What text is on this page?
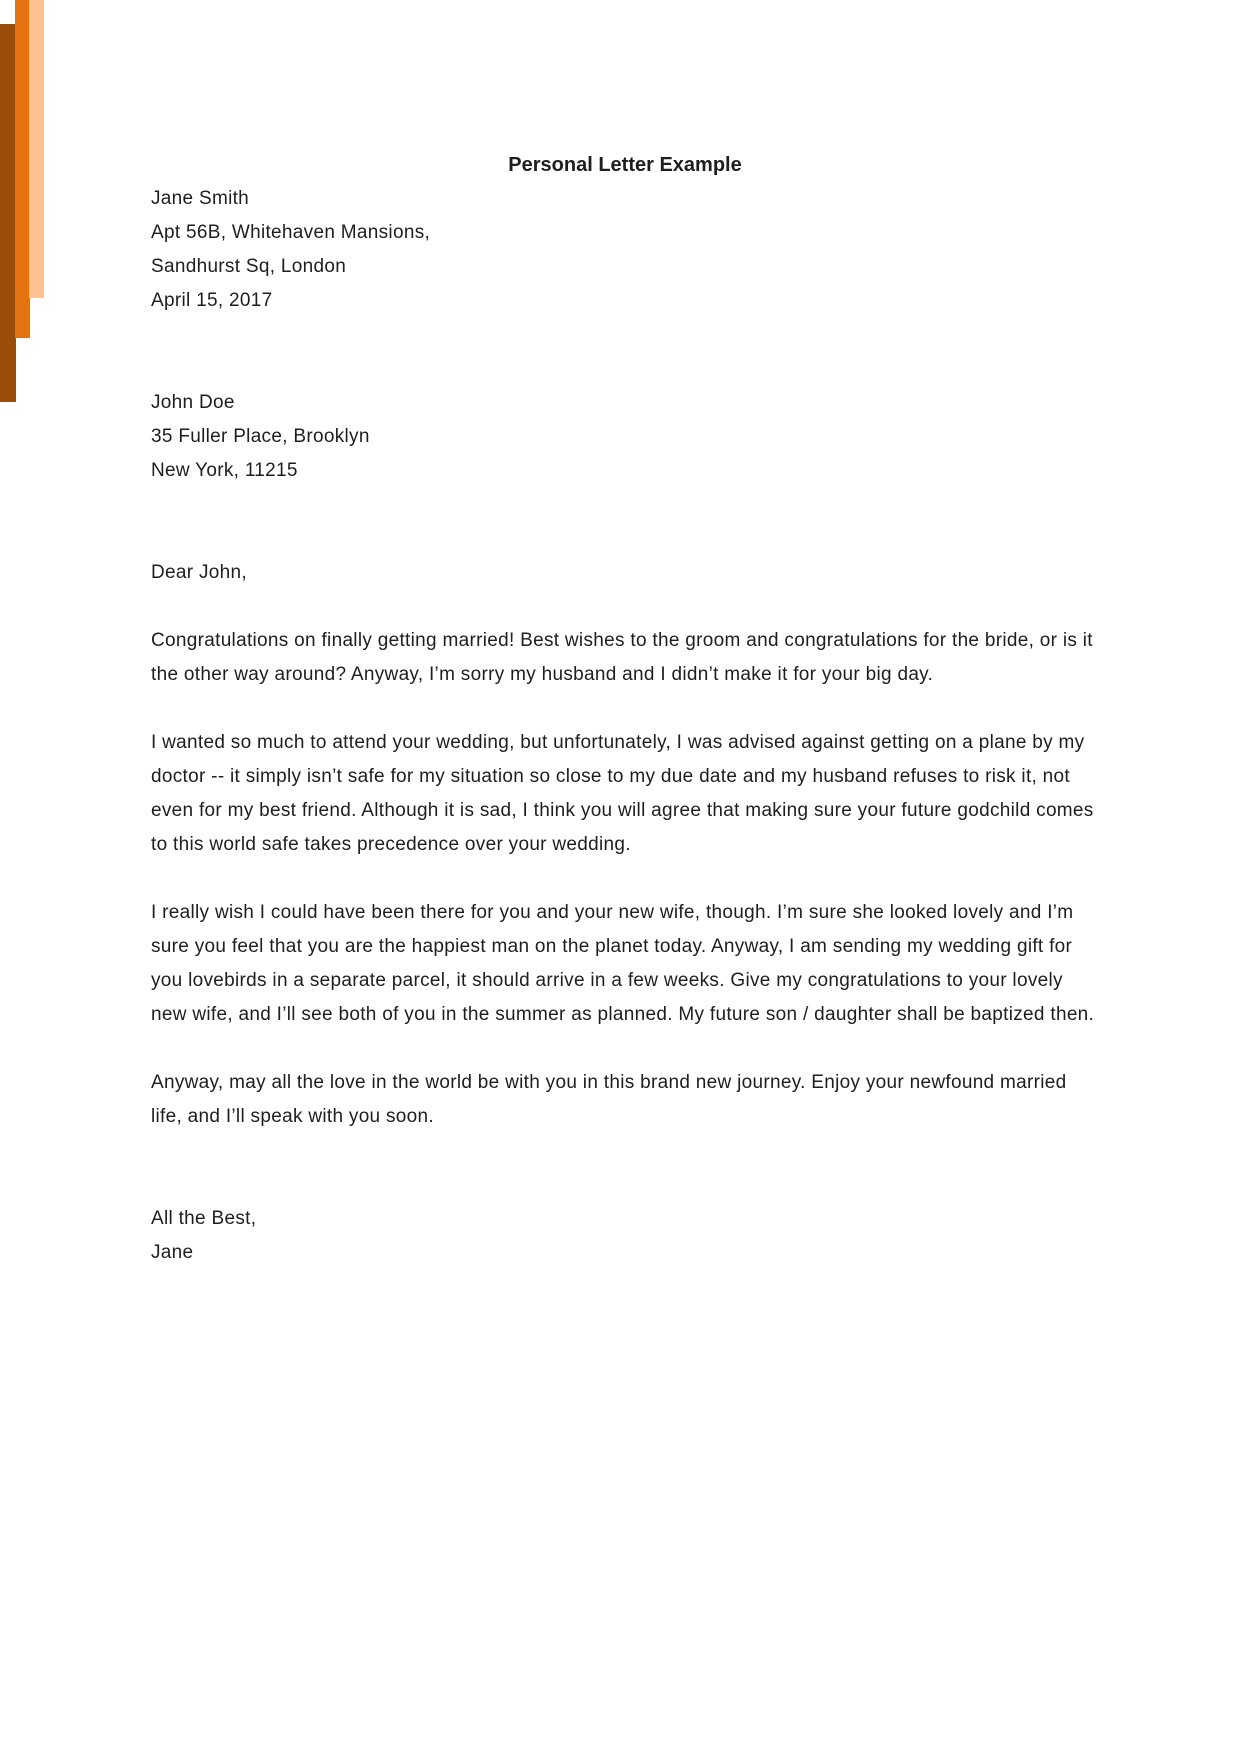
Personal Letter Example
Jane Smith
Apt 56B, Whitehaven Mansions,
Sandhurst Sq, London
April 15, 2017
John Doe
35 Fuller Place, Brooklyn
New York, 11215

Dear John,

Congratulations on finally getting married! Best wishes to the groom and congratulations for the bride, or is it the other way around? Anyway, I’m sorry my husband and I didn’t make it for your big day.

I wanted so much to attend your wedding, but unfortunately, I was advised against getting on a plane by my doctor -- it simply isn’t safe for my situation so close to my due date and my husband refuses to risk it, not even for my best friend. Although it is sad, I think you will agree that making sure your future godchild comes to this world safe takes precedence over your wedding.

I really wish I could have been there for you and your new wife, though. I’m sure she looked lovely and I’m sure you feel that you are the happiest man on the planet today. Anyway, I am sending my wedding gift for you lovebirds in a separate parcel, it should arrive in a few weeks. Give my congratulations to your lovely new wife, and I’ll see both of you in the summer as planned. My future son / daughter shall be baptized then.

Anyway, may all the love in the world be with you in this brand new journey. Enjoy your newfound married life, and I’ll speak with you soon.

All the Best,
Jane
